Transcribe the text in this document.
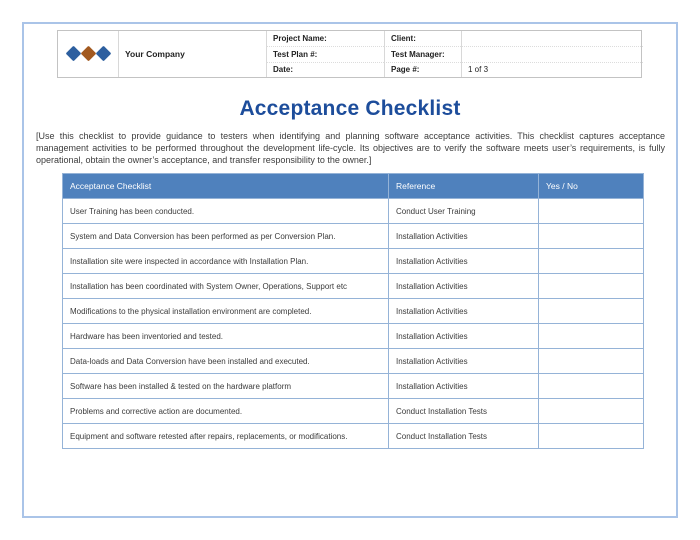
Your Company
Project Name:	Client:
Test Plan #:	Test Manager:
Date:	Page #:	1 of 3
Acceptance Checklist
[Use this checklist to provide guidance to testers when identifying and planning software acceptance activities. This checklist captures acceptance management activities to be performed throughout the development life-cycle. Its objectives are to verify the software meets user’s requirements, is fully operational, obtain the owner’s acceptance, and transfer responsibility to the owner.]
Acceptance Checklist	Reference	Yes / No
User Training has been conducted.	Conduct User Training	
System and Data Conversion has been performed as per Conversion Plan.	Installation Activities	
Installation site were inspected in accordance with Installation Plan.	Installation Activities	
Installation has been coordinated with System Owner, Operations, Support etc	Installation Activities	
Modifications to the physical installation environment are completed.	Installation Activities	
Hardware has been inventoried and tested.	Installation Activities	
Data-loads and Data Conversion have been installed and executed.	Installation Activities	
Software has been installed & tested on the hardware platform	Installation Activities	
Problems and corrective action are documented.	Conduct Installation Tests	
Equipment and software retested after repairs, replacements, or modifications.	Conduct Installation Tests	
